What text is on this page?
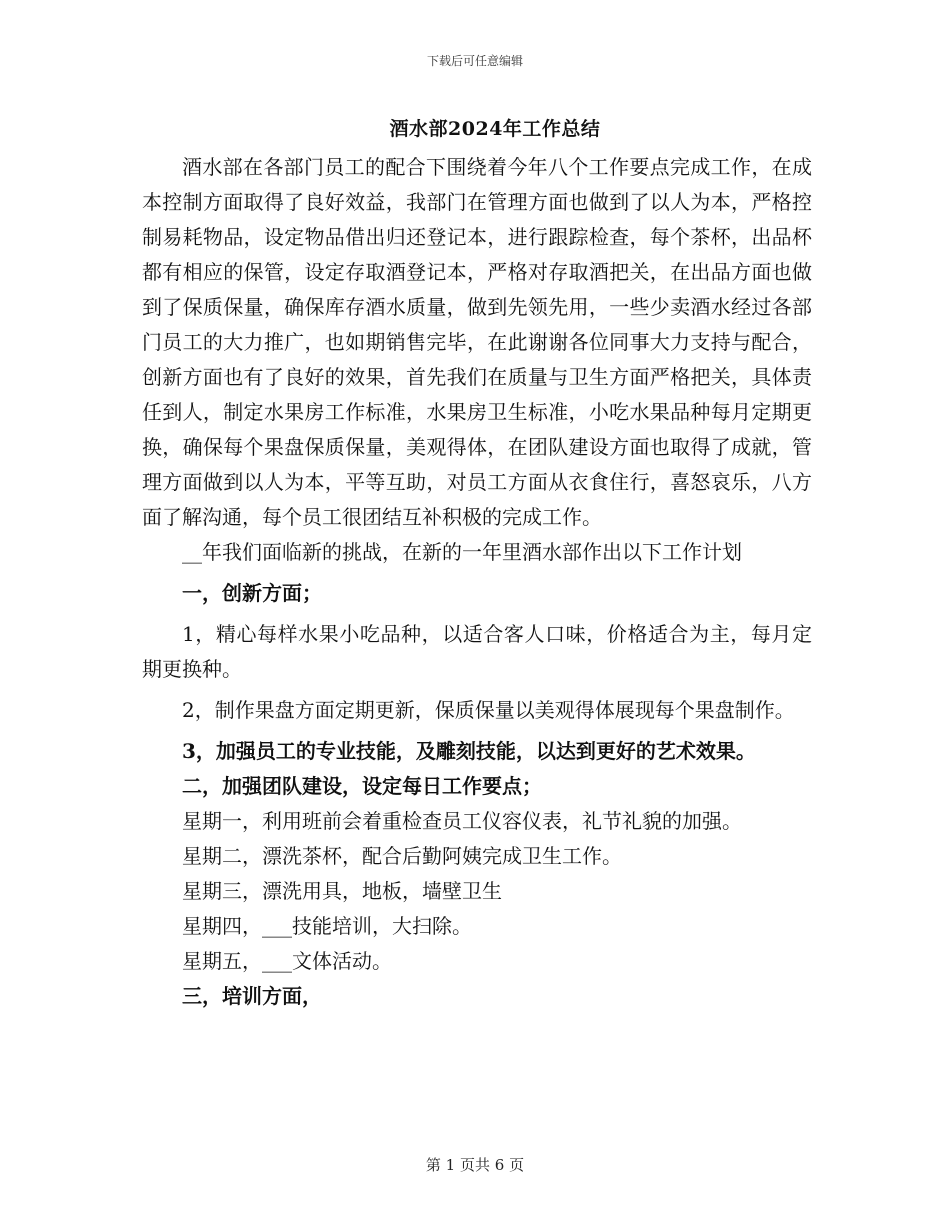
下载后可任意编辑
酒水部2024年工作总结

酒水部在各部门员工的配合下围绕着今年八个工作要点完成工作，在成本控制方面取得了良好效益，我部门在管理方面也做到了以人为本，严格控制易耗物品，设定物品借出归还登记本，进行跟踪检查，每个茶杯，出品杯都有相应的保管，设定存取酒登记本，严格对存取酒把关，在出品方面也做到了保质保量，确保库存酒水质量，做到先领先用，一些少卖酒水经过各部门员工的大力推广，也如期销售完毕，在此谢谢各位同事大力支持与配合，创新方面也有了良好的效果，首先我们在质量与卫生方面严格把关，具体责任到人，制定水果房工作标准，水果房卫生标准，小吃水果品种每月定期更换，确保每个果盘保质保量，美观得体，在团队建设方面也取得了成就，管理方面做到以人为本，平等互助，对员工方面从衣食住行，喜怒哀乐，八方面了解沟通，每个员工很团结互补积极的完成工作。

__年我们面临新的挑战，在新的一年里酒水部作出以下工作计划

一，创新方面；

1，精心每样水果小吃品种，以适合客人口味，价格适合为主，每月定期更换种。

2，制作果盘方面定期更新，保质保量以美观得体展现每个果盘制作。

3，加强员工的专业技能，及雕刻技能，以达到更好的艺术效果。

二，加强团队建设，设定每日工作要点；

星期一，利用班前会着重检查员工仪容仪表，礼节礼貌的加强。

星期二，漂洗茶杯，配合后勤阿姨完成卫生工作。

星期三，漂洗用具，地板，墙壁卫生

星期四，___技能培训，大扫除。

星期五，___文体活动。

三，培训方面，

第 1 页共 6 页
